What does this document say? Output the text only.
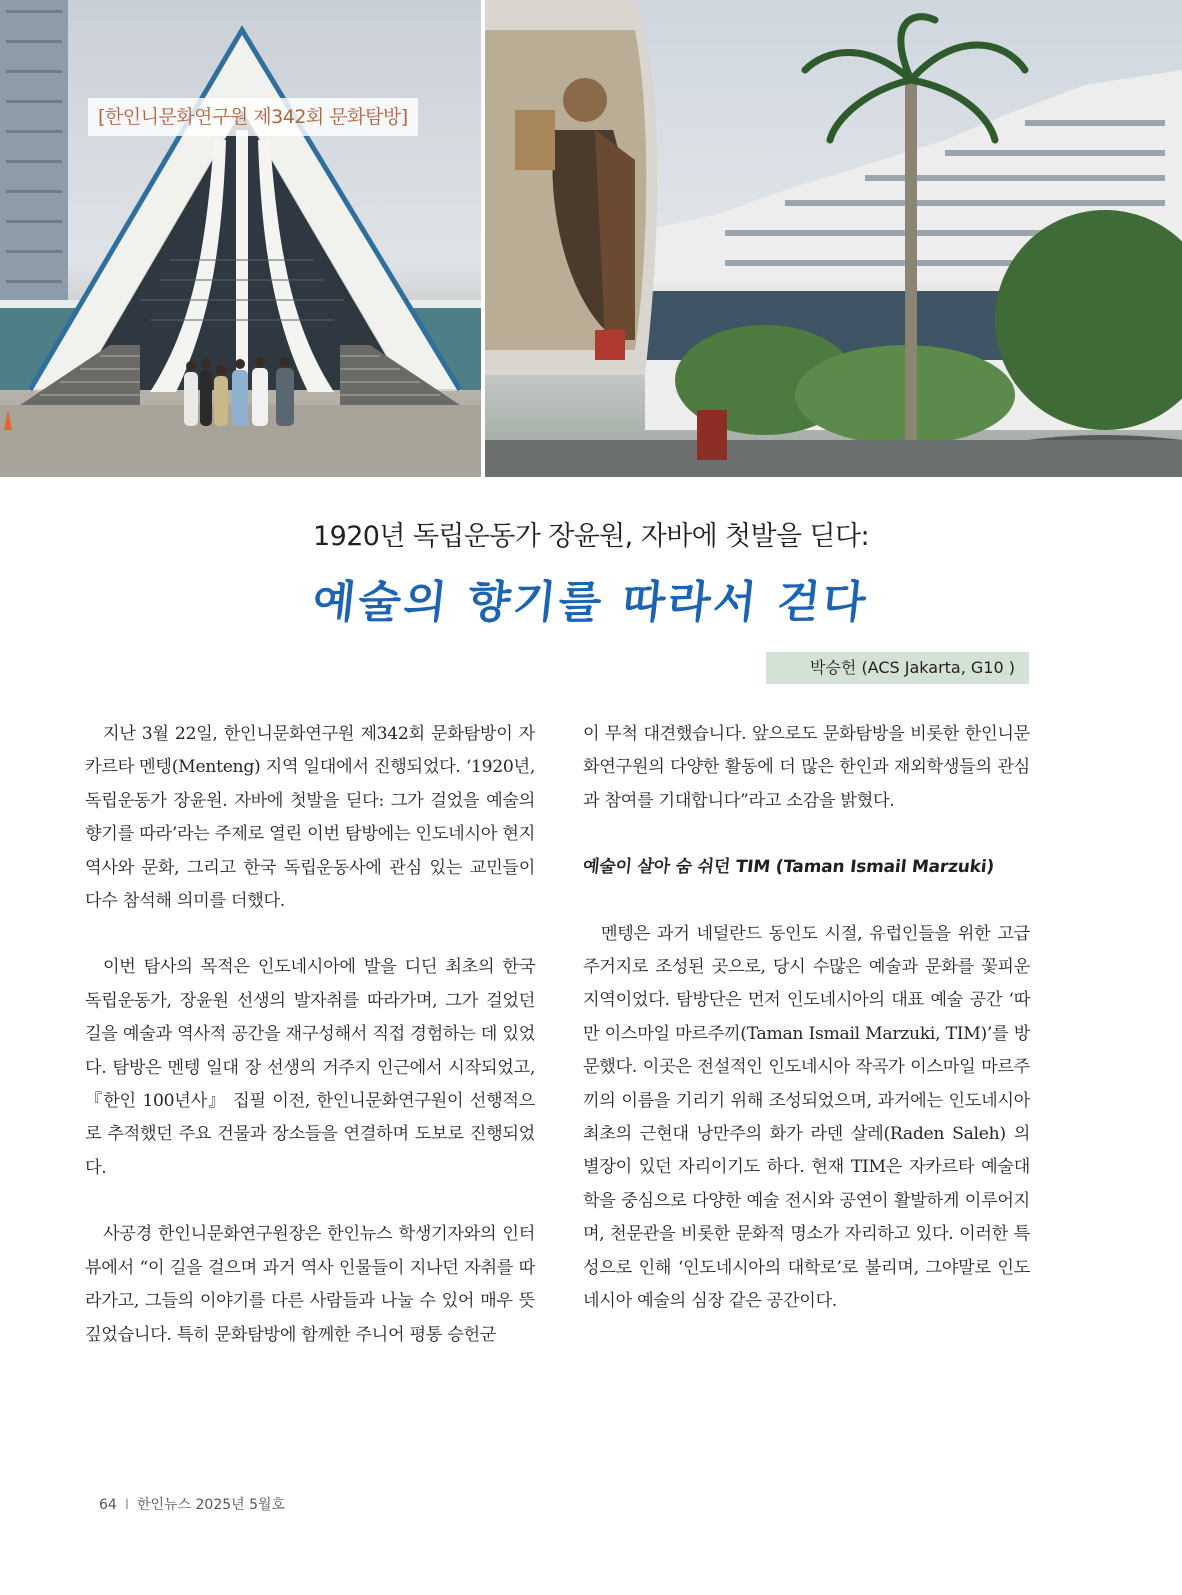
[한인니문화연구원 제342회 문화탐방]
1920년 독립운동가 장윤원, 자바에 첫발을 딛다:
예술의 향기를 따라서 걷다
박승헌 (ACS Jakarta, G10 )

지난 3월 22일, 한인니문화연구원 제342회 문화탐방이 자카르타 멘텡(Menteng) 지역 일대에서 진행되었다. ‘1920년, 독립운동가 장윤원. 자바에 첫발을 딛다: 그가 걸었을 예술의 향기를 따라’라는 주제로 열린 이번 탐방에는 인도네시아 현지 역사와 문화, 그리고 한국 독립운동사에 관심 있는 교민들이 다수 참석해 의미를 더했다.

이번 탐사의 목적은 인도네시아에 발을 디딘 최초의 한국 독립운동가, 장윤원 선생의 발자취를 따라가며, 그가 걸었던 길을 예술과 역사적 공간을 재구성해서 직접 경험하는 데 있었다. 탐방은 멘텡 일대 장 선생의 거주지 인근에서 시작되었고, 『한인 100년사』 집필 이전, 한인니문화연구원이 선행적으로 추적했던 주요 건물과 장소들을 연결하며 도보로 진행되었다.

사공경 한인니문화연구원장은 한인뉴스 학생기자와의 인터뷰에서 “이 길을 걸으며 과거 역사 인물들이 지나던 자취를 따라가고, 그들의 이야기를 다른 사람들과 나눌 수 있어 매우 뜻깊었습니다. 특히 문화탐방에 함께한 주니어 평통 승헌군

이 무척 대견했습니다. 앞으로도 문화탐방을 비롯한 한인니문화연구원의 다양한 활동에 더 많은 한인과 재외학생들의 관심과 참여를 기대합니다”라고 소감을 밝혔다.

예술이 살아 숨 쉬던 TIM (Taman Ismail Marzuki)

멘텡은 과거 네덜란드 동인도 시절, 유럽인들을 위한 고급 주거지로 조성된 곳으로, 당시 수많은 예술과 문화를 꽃피운 지역이었다. 탐방단은 먼저 인도네시아의 대표 예술 공간 ‘따만 이스마일 마르주끼(Taman Ismail Marzuki, TIM)’를 방문했다. 이곳은 전설적인 인도네시아 작곡가 이스마일 마르주끼의 이름을 기리기 위해 조성되었으며, 과거에는 인도네시아 최초의 근현대 낭만주의 화가 라덴 살레(Raden Saleh) 의 별장이 있던 자리이기도 하다. 현재 TIM은 자카르타 예술대학을 중심으로 다양한 예술 전시와 공연이 활발하게 이루어지며, 천문관을 비롯한 문화적 명소가 자리하고 있다. 이러한 특성으로 인해 ‘인도네시아의 대학로’로 불리며, 그야말로 인도네시아 예술의 심장 같은 공간이다.

64 I 한인뉴스 2025년 5월호
